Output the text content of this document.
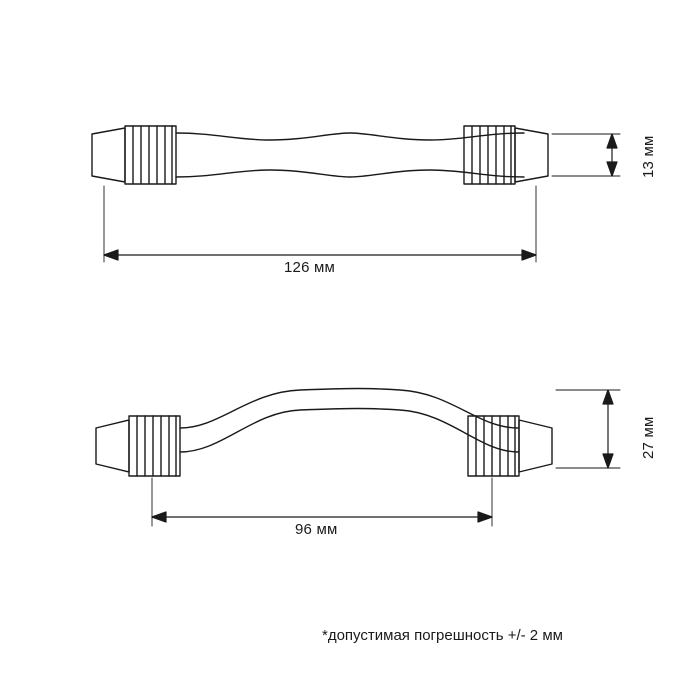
126 мм
13 мм
96 мм
27 мм
*допустимая погрешность +/- 2 мм
